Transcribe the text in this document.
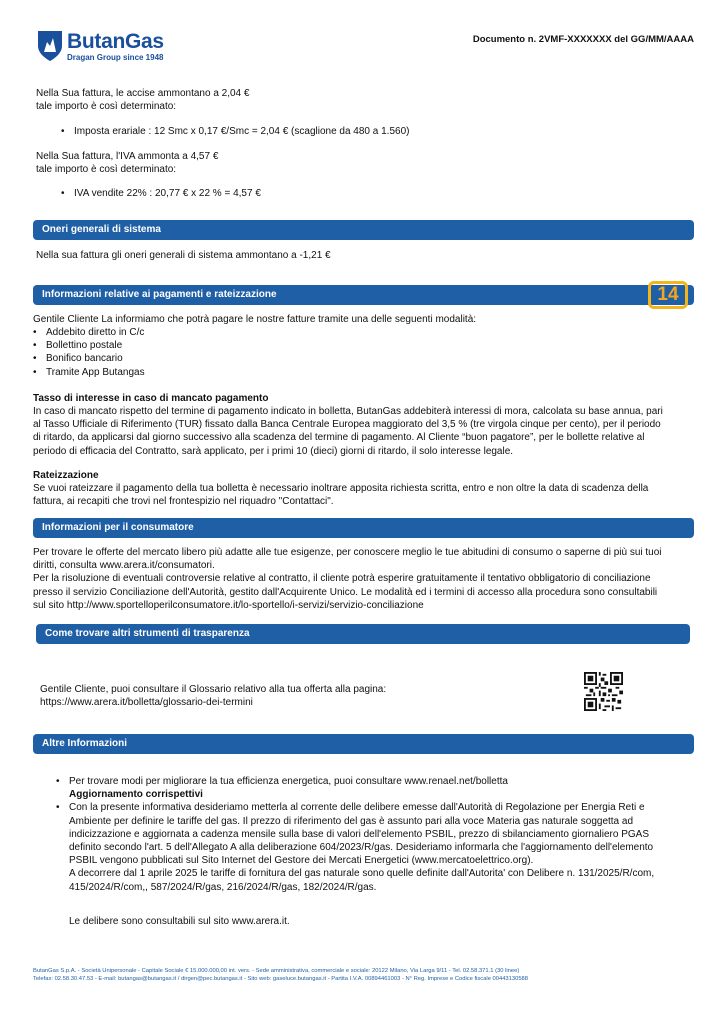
ButanGas
Dragan Group since 1948
Documento n. 2VMF-XXXXXXX del GG/MM/AAAA
Nella Sua fattura, le accise ammontano a 2,04 €
tale importo è così determinato:
• Imposta erariale : 12 Smc x 0,17 €/Smc = 2,04 € (scaglione da 480 a 1.560)
Nella Sua fattura, l'IVA ammonta a 4,57 €
tale importo è così determinato:
• IVA vendite 22% : 20,77 € x 22 % = 4,57 €
Oneri generali di sistema
Nella sua fattura gli oneri generali di sistema ammontano a -1,21 €
Informazioni relative ai pagamenti e rateizzazione	14
Gentile Cliente La informiamo che potrà pagare le nostre fatture tramite una delle seguenti modalità:
• Addebito diretto in C/c
• Bollettino postale
• Bonifico bancario
• Tramite App Butangas
Tasso di interesse in caso di mancato pagamento
In caso di mancato rispetto del termine di pagamento indicato in bolletta, ButanGas addebiterà interessi di mora, calcolata su base annua, pari
al Tasso Ufficiale di Riferimento (TUR) fissato dalla Banca Centrale Europea maggiorato del 3,5 % (tre virgola cinque per cento), per il periodo
di ritardo, da applicarsi dal giorno successivo alla scadenza del termine di pagamento. Al Cliente “buon pagatore”, per le bollette relative al
periodo di efficacia del Contratto, sarà applicato, per i primi 10 (dieci) giorni di ritardo, il solo interesse legale.
Rateizzazione
Se vuoi rateizzare il pagamento della tua bolletta è necessario inoltrare apposita richiesta scritta, entro e non oltre la data di scadenza della
fattura, ai recapiti che trovi nel frontespizio nel riquadro "Contattaci".
Informazioni per il consumatore
Per trovare le offerte del mercato libero più adatte alle tue esigenze, per conoscere meglio le tue abitudini di consumo o saperne di più sui tuoi
diritti, consulta www.arera.it/consumatori.
Per la risoluzione di eventuali controversie relative al contratto, il cliente potrà esperire gratuitamente il tentativo obbligatorio di conciliazione
presso il servizio Conciliazione dell'Autorità, gestito dall'Acquirente Unico. Le modalità ed i termini di accesso alla procedura sono consultabili
sul sito http://www.sportelloperilconsumatore.it/lo-sportello/i-servizi/servizio-conciliazione
Come trovare altri strumenti di trasparenza
Gentile Cliente, puoi consultare il Glossario relativo alla tua offerta alla pagina:
https://www.arera.it/bolletta/glossario-dei-termini
Altre Informazioni
• Per trovare modi per migliorare la tua efficienza energetica, puoi consultare www.renael.net/bolletta
Aggiornamento corrispettivi
• Con la presente informativa desideriamo metterla al corrente delle delibere emesse dall'Autorità di Regolazione per Energia Reti e
Ambiente per definire le tariffe del gas. Il prezzo di riferimento del gas è assunto pari alla voce Materia gas naturale soggetta ad
indicizzazione e aggiornata a cadenza mensile sulla base di valori dell'elemento PSBIL, prezzo di sbilanciamento giornaliero PGAS
definito secondo l'art. 5 dell'Allegato A alla deliberazione 604/2023/R/gas. Desideriamo informarla che l'aggiornamento dell'elemento
PSBIL vengono pubblicati sul Sito Internet del Gestore dei Mercati Energetici (www.mercatoelettrico.org).
A decorrere dal 1 aprile 2025 le tariffe di fornitura del gas naturale sono quelle definite dall'Autorita' con Delibere n. 131/2025/R/com,
415/2024/R/com,, 587/2024/R/gas, 216/2024/R/gas, 182/2024/R/gas.
Le delibere sono consultabili sul sito www.arera.it.
ButanGas S.p.A. - Società Unipersonale - Capitale Sociale € 15.000.000,00 int. vers. - Sede amministrativa, commerciale e sociale: 20122 Milano, Via Larga 9/11 - Tel. 02.58.371.1 (30 linee)
Telefax: 02.58.30.47.53 - E-mail: butangas@butangas.it / dirgen@pec.butangas.it - Sito web: gaseluce.butangas.it - Partita I.V.A. 00894461003 - N° Reg. Imprese e Codice fiscale 00443130588
